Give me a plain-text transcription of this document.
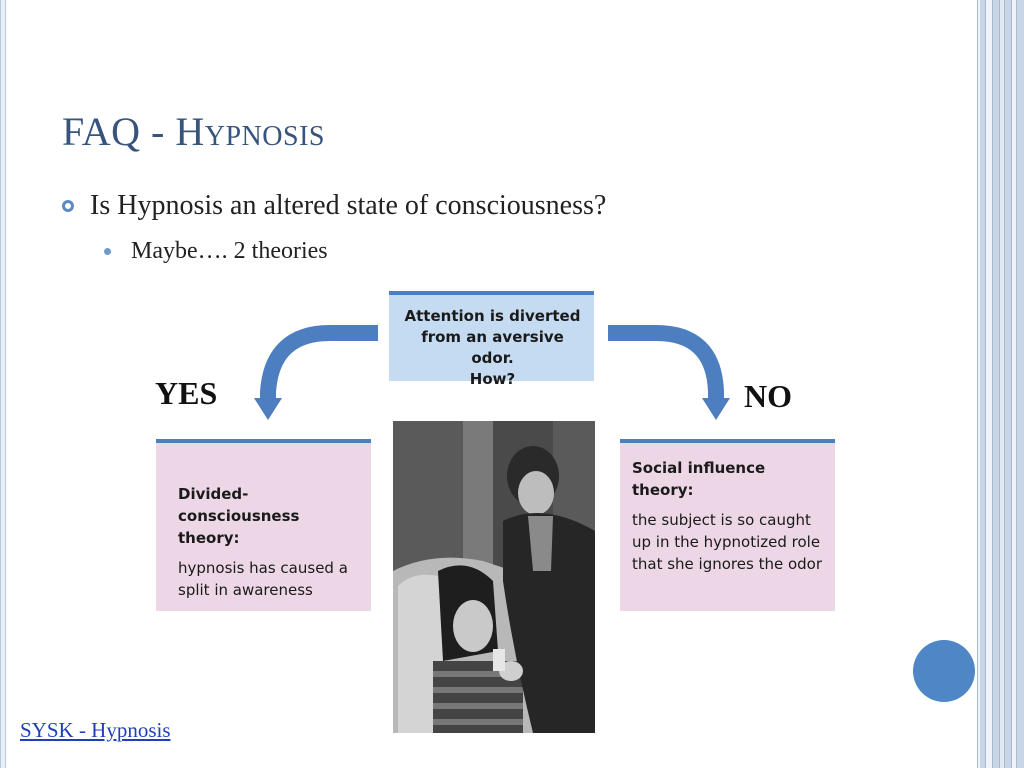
FAQ - Hypnosis
Is Hypnosis an altered state of consciousness?
Maybe…. 2 theories
Attention is diverted
from an aversive odor.
How?
YES	NO
Divided-consciousness theory:
hypnosis has caused a split in awareness
Social influence theory:
the subject is so caught up in the hypnotized role that she ignores the odor
SYSK - Hypnosis
